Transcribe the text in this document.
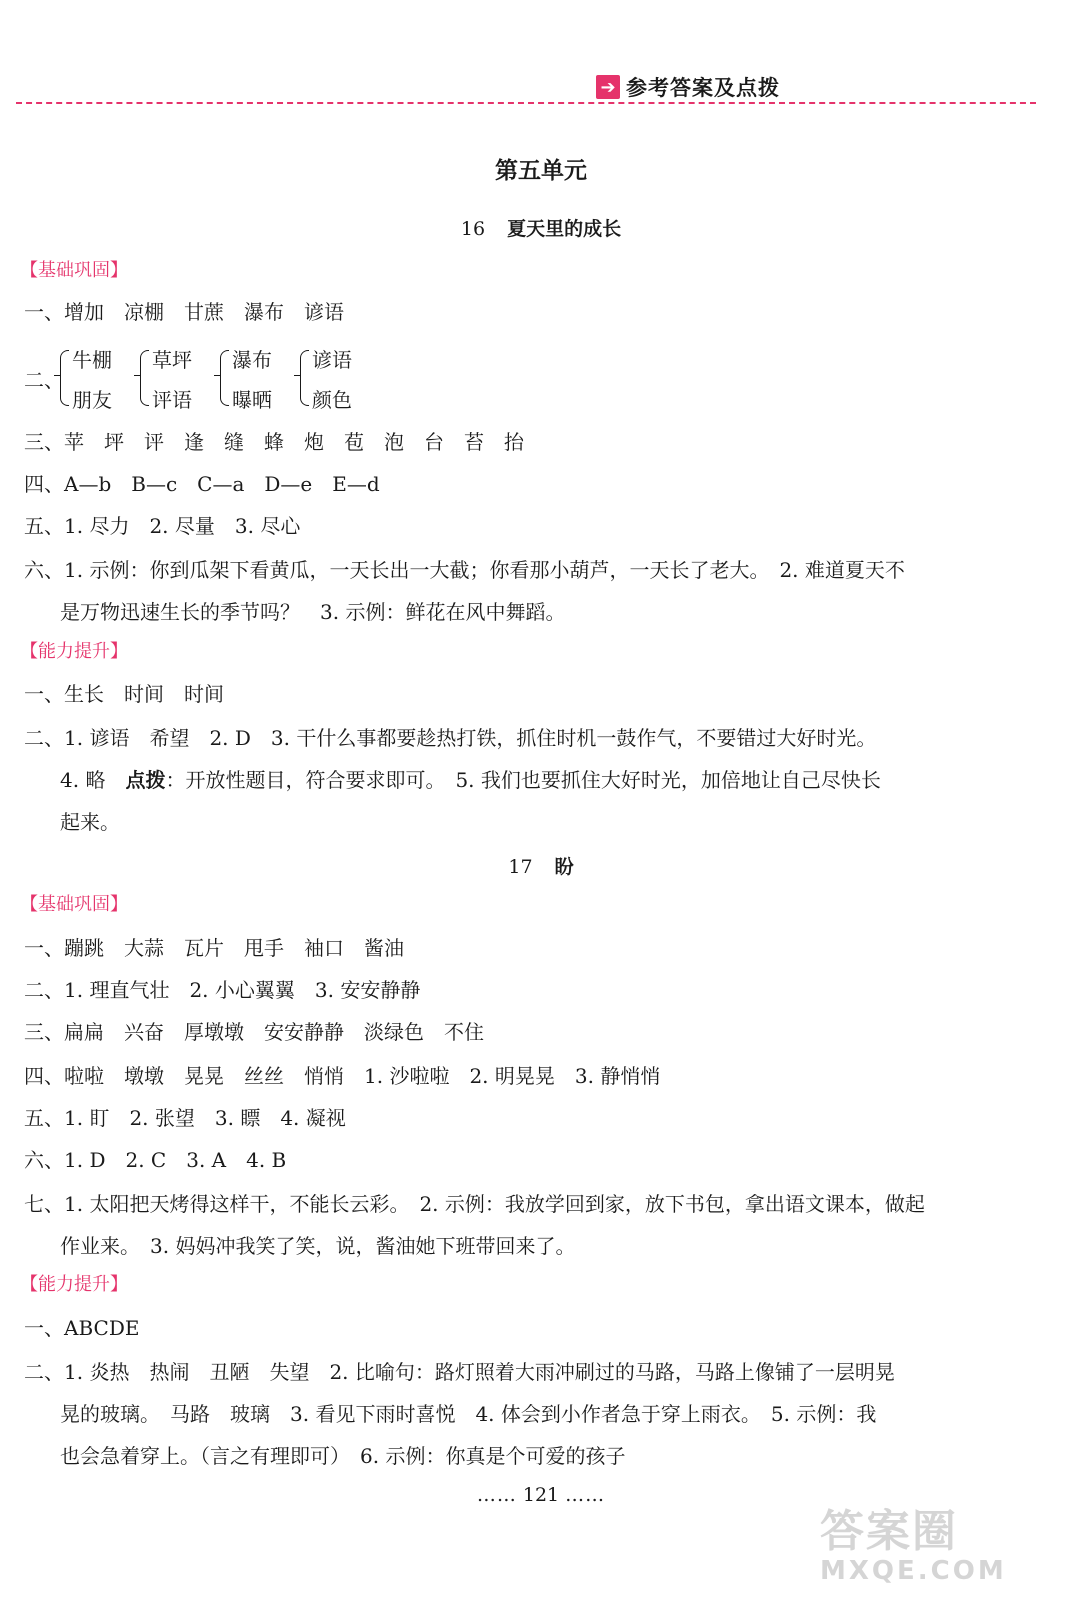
➔ 参考答案及点拨
第五单元
16 夏天里的成长
【基础巩固】
一、增加　凉棚　甘蔗　瀑布　谚语
二、
牛棚
朋友
草坪
评语
瀑布
曝晒
谚语
颜色
三、苹　坪　评　逢　缝　蜂　炮　苞　泡　台　苔　抬
四、A—b　B—c　C—a　D—e　E—d
五、1. 尽力　2. 尽量　3. 尽心
六、1. 示例：你到瓜架下看黄瓜，一天长出一大截；你看那小葫芦，一天长了老大。　2. 难道夏天不
是万物迅速生长的季节吗？　3. 示例：鲜花在风中舞蹈。
【能力提升】
一、生长　时间　时间
二、1. 谚语　希望　2. D　3. 干什么事都要趁热打铁，抓住时机一鼓作气，不要错过大好时光。
4. 略　点拨：开放性题目，符合要求即可。　5. 我们也要抓住大好时光，加倍地让自己尽快长
起来。
17 盼
【基础巩固】
一、蹦跳　大蒜　瓦片　甩手　袖口　酱油
二、1. 理直气壮　2. 小心翼翼　3. 安安静静
三、扁扁　兴奋　厚墩墩　安安静静　淡绿色　不住
四、啦啦　墩墩　晃晃　丝丝　悄悄　1. 沙啦啦　2. 明晃晃　3. 静悄悄
五、1. 盯　2. 张望　3. 瞟　4. 凝视
六、1. D　2. C　3. A　4. B
七、1. 太阳把天烤得这样干，不能长云彩。　2. 示例：我放学回到家，放下书包，拿出语文课本，做起
作业来。　3. 妈妈冲我笑了笑，说，酱油她下班带回来了。
【能力提升】
一、ABCDE
二、1. 炎热　热闹　丑陋　失望　2. 比喻句：路灯照着大雨冲刷过的马路，马路上像铺了一层明晃
晃的玻璃。　马路　玻璃　3. 看见下雨时喜悦　4. 体会到小作者急于穿上雨衣。　5. 示例：我
也会急着穿上。（言之有理即可）　6. 示例：你真是个可爱的孩子
…… 121 ……
答案圈
MXQE.COM
